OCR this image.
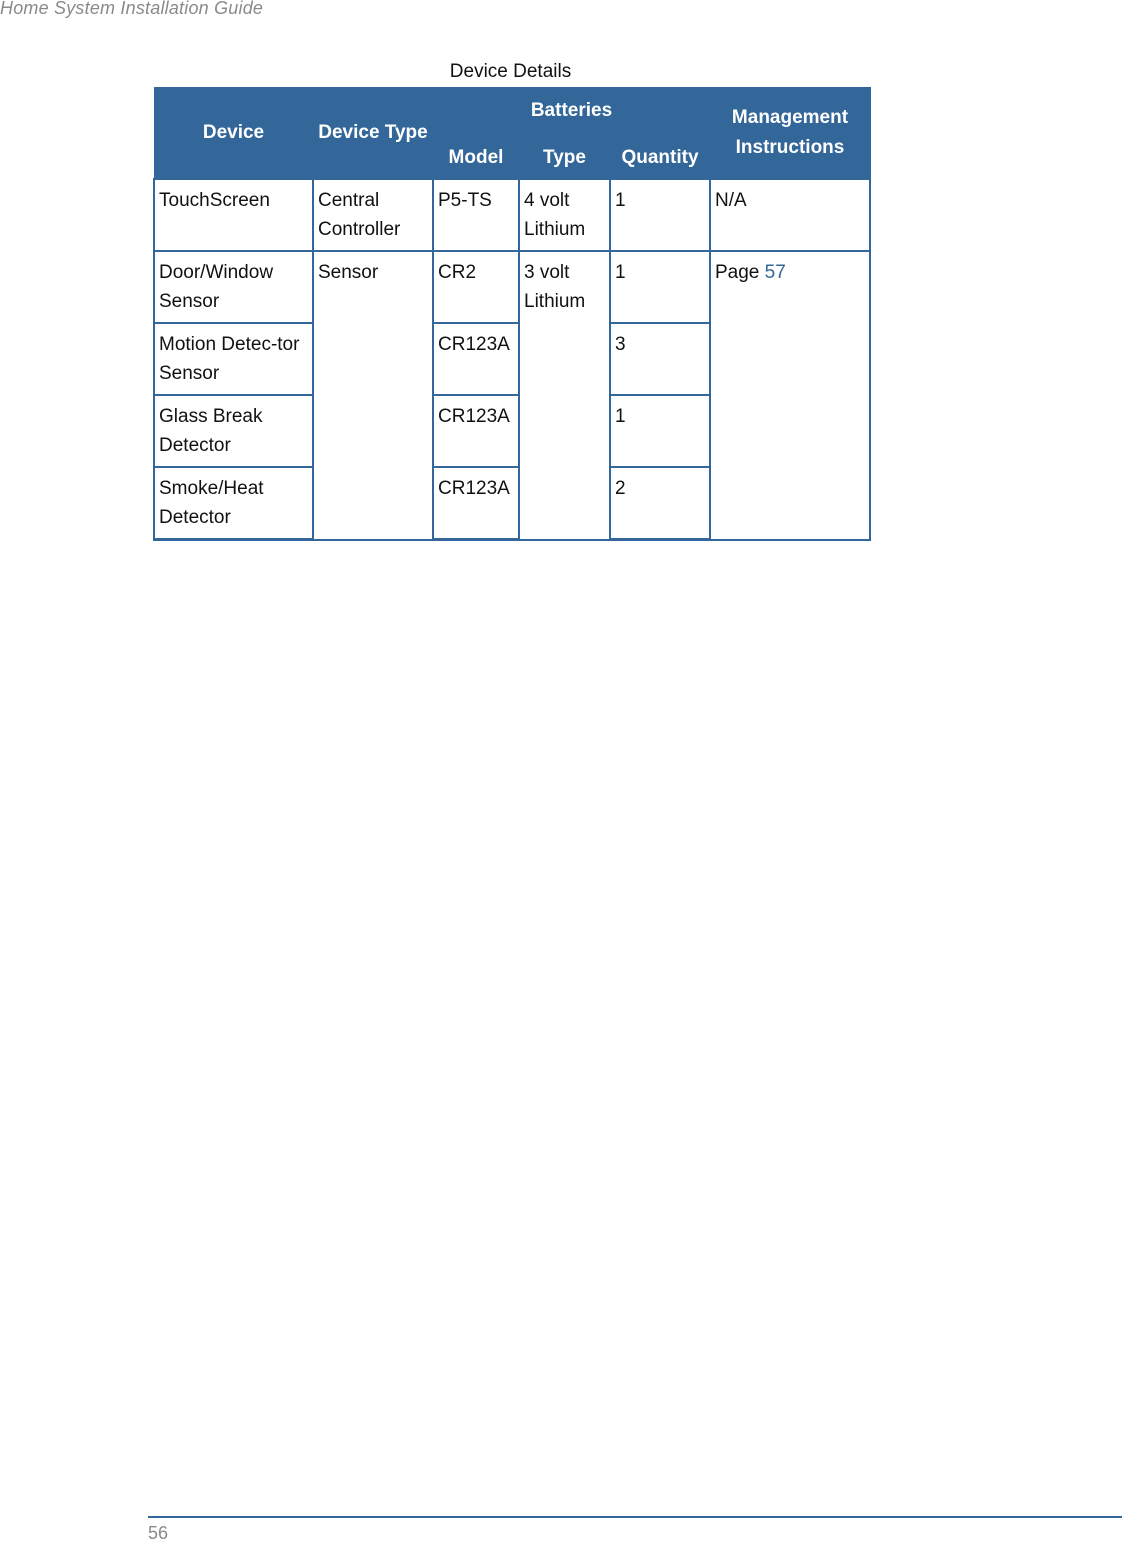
Home System Installation Guide
Device Details
Device	Device Type	Batteries			Management Instructions
		Model	Type	Quantity	
TouchScreen	Central Controller	P5-TS	4 volt Lithium	1	N/A
Door/Window Sensor	Sensor	CR2	3 volt Lithium	1	Page 57
Motion Detec-tor Sensor		CR123A		3	
Glass Break Detector		CR123A		1	
Smoke/Heat Detector		CR123A		2	
56
